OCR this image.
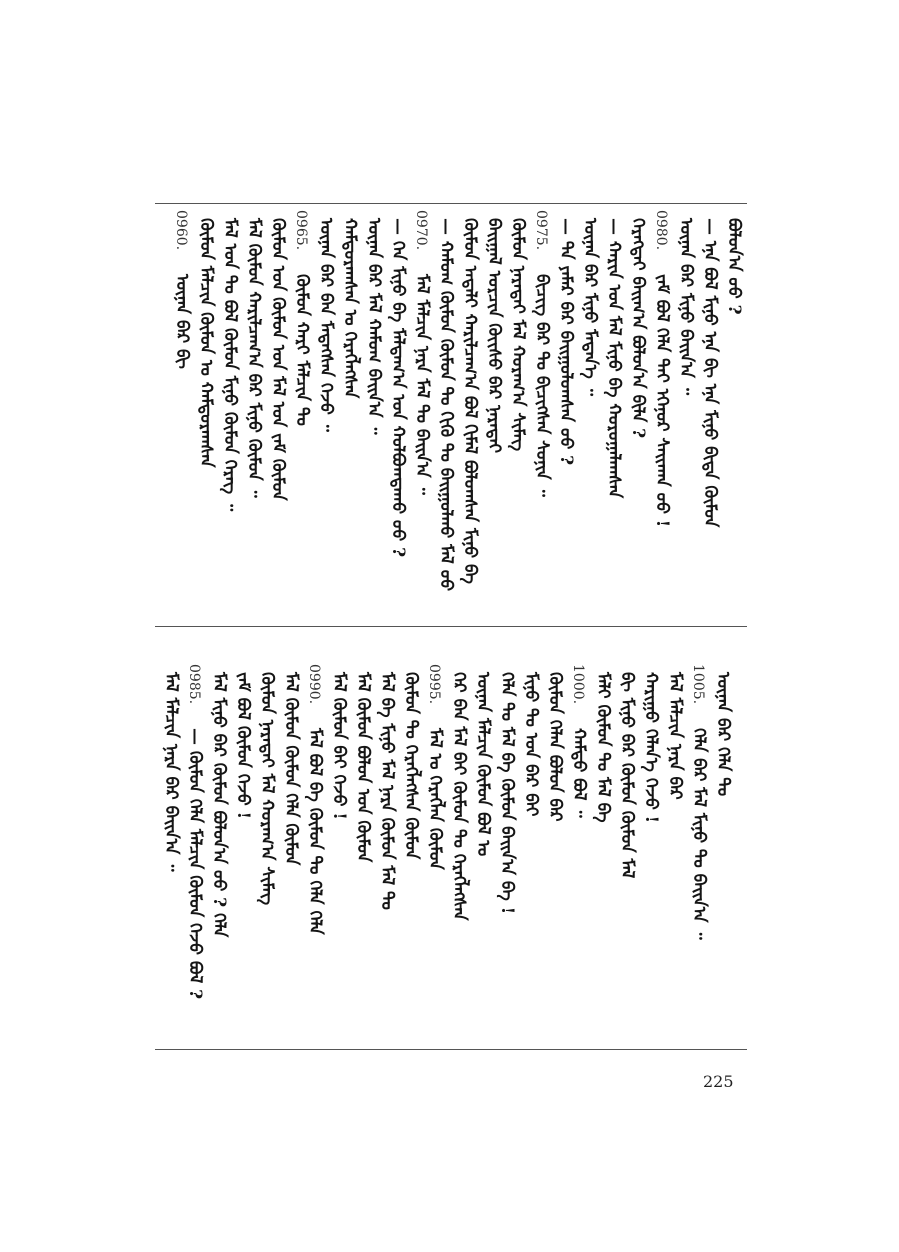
ᠪᠣᠯᠤᠨ᠎ᠠ ᠤᠤ ?
— ᠡᠨᠡ ᠪᠣᠯ ᠮᠢᠨᠤ ᠡᠨᠡ ᠪᠢ ᠡᠨᠡ ᠮᠢᠨᠤ ᠪᠢᠳᠡ ᠬᠦᠮᠦᠨ
ᠦᠨᠡᠨ ᠪᠡᠷ ᠮᠢᠨᠤ ᠪᠠᠢᠨ᠎ᠠ ᠃
0980.
ᠵᠠᠮ ᠪᠣᠯ ᠬᠡᠯᠡ ᠲᠡᠢ ᠡᠬᠡᠨᠦᠷ ᠰᠠᠢᠬᠠᠨ ᠤᠤ !
ᠬᠡᠷᠡᠭᠲᠡᠢ ᠪᠠᠢᠭ᠎ᠠ ᠪᠣᠯᠤᠨ᠎ᠠ ᠪᠢᠯᠡ ?
— ᠬᠠᠷᠢᠨ ᠤᠨ ᠮᠠᠯ ᠮᠢᠨᠤ ᠪᠠ ᠬᠣᠷᠣᠭᠠᠯᠠᠭᠰᠠᠨ
ᠦᠨᠡᠨ ᠪᠡᠷ ᠮᠢᠨᠤ ᠮᠡᠳᠡᠨ᠎ᠡ ᠃
— ᠲᠠ ᠶᠠᠮᠠᠷ ᠪᠠᠷ ᠪᠠᠢᠭᠤᠯᠤᠭᠰᠠᠨ ᠤᠤ ?
0975.
ᠪᠢᠴᠢᠭ ᠪᠠᠷ ᠲᠤ ᠪᠢᠴᠢᠭᠰᠡᠨ ᠰᠣᠨᠢᠨ ᠃
ᠬᠦᠮᠦᠨ ᠨᠡᠷᠡᠲᠡᠢ ᠮᠠᠯ ᠬᠤᠷᠠᠭ᠎ᠠ ᠰᠢᠮᠡᠭ
ᠪᠠᠢᠭᠠᠯ ᠣᠷᠴᠢᠨ ᠬᠦᠢᠰᠦ ᠪᠡᠷ ᠨᠡᠷᠡᠲᠡᠢ
ᠬᠦᠮᠦᠨ ᠠᠳᠠᠯᠢ ᠬᠠᠷᠢᠯᠴᠠᠭ᠎ᠠ ᠪᠣᠯ ᠬᠢᠮᠡᠯ ᠪᠣᠯᠤᠭᠰᠠᠨ ᠮᠢᠨᠤ ᠪᠠ
— ᠬᠠᠮᠤᠭ ᠬᠦᠮᠦᠨ ᠬᠦᠮᠦᠨ ᠲᠤ ᠬᠢᠬᠦ ᠲᠤ ᠪᠠᠢᠭᠤᠯᠬᠤ ᠮᠠᠯ ᠤᠤ
0970.
ᠮᠠᠯ ᠮᠠᠯᠴᠢᠨ ᠨᠡᠷᠡ ᠮᠠᠯ ᠲᠤ ᠪᠠᠢᠨ᠎ᠠ ᠃
— ᠬᠡᠨ ᠮᠢᠨᠤ ᠪᠡ ᠮᠠᠯᠳᠠᠭ᠎ᠠ ᠤᠨ ᠬᠣᠯᠪᠣᠭᠳᠠᠬᠤ ᠤᠤ ?
ᠦᠨᠡᠨ ᠪᠡᠷ ᠮᠠᠯ ᠬᠠᠮᠤᠭ ᠪᠠᠢᠨ᠎ᠠ ᠃
ᠬᠠᠮᠲᠤᠷᠠᠭᠰᠠᠨ ᠤ ᠬᠡᠷᠡᠭᠯᠡᠭᠰᠡᠨ
ᠦᠨᠡᠨ ᠪᠡᠷ ᠪᠡᠨ ᠮᠡᠳᠡᠭᠰᠡᠨ ᠭᠡᠵᠦ ᠃
0965.
ᠬᠦᠮᠦᠨ ᠬᠠᠷᠢ ᠮᠠᠯᠴᠢᠨ ᠲᠤ
ᠬᠦᠮᠦᠨ ᠤᠨ ᠬᠦᠮᠦᠨ ᠤᠨ ᠮᠠᠯ ᠤᠨ ᠵᠠᠮ ᠬᠦᠮᠦᠨ
ᠮᠠᠯ ᠬᠦᠮᠦᠨ ᠬᠠᠷᠢᠯᠴᠠᠭ᠎ᠠ ᠪᠡᠷ ᠮᠢᠨᠤ ᠬᠦᠮᠦᠨ ᠃
ᠮᠠᠯ ᠤᠨ ᠲᠤ ᠪᠣᠯ ᠬᠦᠮᠦᠨ ᠮᠢᠨᠤ ᠬᠦᠮᠦᠨ ᠬᠡᠷᠡᠭ ᠃
ᠬᠦᠮᠦᠨ ᠮᠠᠯᠴᠢᠨ ᠬᠦᠮᠦᠨ ᠤ ᠬᠠᠮᠲᠤᠷᠠᠭᠰᠠᠨ
0960.
ᠦᠨᠡᠨ ᠪᠡᠷ ᠪᠢ
ᠦᠨᠡᠨ ᠪᠡᠷ ᠬᠡᠯᠡ ᠲᠤ
1005.
ᠬᠡᠯᠡ ᠪᠠᠷ ᠮᠠᠯ ᠮᠢᠨᠤ ᠲᠤ ᠪᠠᠢᠨ᠎ᠠ ᠃
ᠮᠠᠯ ᠮᠠᠯᠴᠢᠨ ᠨᠡᠷᠡ ᠪᠡᠷ
ᠬᠠᠷᠢᠭᠤ ᠬᠡᠯᠡᠨ᠎ᠡ ᠭᠡᠵᠦ !
ᠪᠢ ᠮᠢᠨᠤ ᠪᠡᠷ ᠬᠦᠮᠦᠨ ᠬᠦᠮᠦᠨ ᠮᠠᠯ
ᠮᠠᠯᠢ ᠬᠦᠮᠦᠨ ᠲᠤ ᠮᠠᠯ ᠪᠠ
1000.
ᠬᠠᠮᠲᠤ ᠪᠣᠯ ᠃
ᠬᠦᠮᠦᠨ ᠬᠡᠯᠡᠨ ᠪᠣᠯᠤᠨ ᠪᠡᠷ
ᠮᠢᠨᠤ ᠲᠤ ᠤᠨ ᠪᠠᠷ ᠪᠠᠢ
ᠬᠡᠯᠡ ᠲᠤ ᠮᠠᠯ ᠪᠡ ᠬᠦᠮᠦᠨ ᠪᠠᠢᠨ᠎ᠠ ᠪᠠ !
ᠦᠨᠡᠨ ᠮᠠᠯᠴᠢᠨ ᠬᠦᠮᠦᠨ ᠪᠣᠯ ᠤ
ᠭᠡᠷ ᠪᠡᠨ ᠮᠠᠯ ᠪᠠᠢ ᠬᠦᠮᠦᠨ ᠲᠤ ᠬᠡᠷᠡᠭᠯᠡᠭᠰᠡᠨ
0995.
ᠮᠠᠯ ᠤ ᠬᠡᠷᠡᠭᠯᠡᠨ ᠬᠦᠮᠦᠨ
ᠬᠦᠮᠦᠨ ᠲᠤ ᠬᠡᠷᠡᠭᠯᠡᠭᠰᠡᠨ ᠬᠦᠮᠦᠨ
ᠮᠠᠯ ᠪᠠ ᠮᠢᠨᠤ ᠮᠠᠯ ᠨᠡᠷᠡ ᠬᠦᠮᠦᠨ ᠮᠠᠯ ᠲᠤ
ᠮᠠᠯ ᠬᠦᠮᠦᠨ ᠪᠣᠯᠤᠨ ᠤᠨ ᠬᠦᠮᠦᠨ
ᠮᠠᠯ ᠬᠦᠮᠦᠨ ᠪᠠᠢ ᠭᠡᠵᠦ !
0990.
ᠮᠠᠯ ᠪᠣᠯ ᠪᠠ ᠬᠦᠮᠦᠨ ᠲᠤ ᠬᠡᠯᠡ ᠬᠡᠯᠡ
ᠮᠠᠯ ᠬᠦᠮᠦᠨ ᠬᠦᠮᠦᠨ ᠬᠡᠯᠡ ᠬᠦᠮᠦᠨ
ᠬᠦᠮᠦᠨ ᠨᠡᠷᠡᠲᠡᠢ ᠮᠠᠯ ᠬᠤᠷᠠᠭ᠎ᠠ ᠰᠢᠮᠡᠭ
ᠵᠠᠮ ᠪᠣᠯ ᠬᠦᠮᠦᠨ ᠭᠡᠵᠦ !
ᠮᠠᠯ ᠮᠢᠨᠤ ᠪᠠᠷ ᠬᠦᠮᠦᠨ ᠪᠣᠯᠤᠨ᠎ᠠ ᠤᠤ ? ᠬᠡᠯᠡ
0985.
— ᠬᠦᠮᠦᠨ ᠬᠡᠯᠡ ᠮᠠᠯᠴᠢᠨ ᠬᠦᠮᠦᠨ ᠭᠡᠵᠦ ᠪᠣᠯ ?
ᠮᠠᠯ ᠮᠠᠯᠴᠢᠨ ᠨᠡᠷᠡ ᠪᠡᠷ ᠪᠠᠢᠨ᠎ᠠ ᠃
225
